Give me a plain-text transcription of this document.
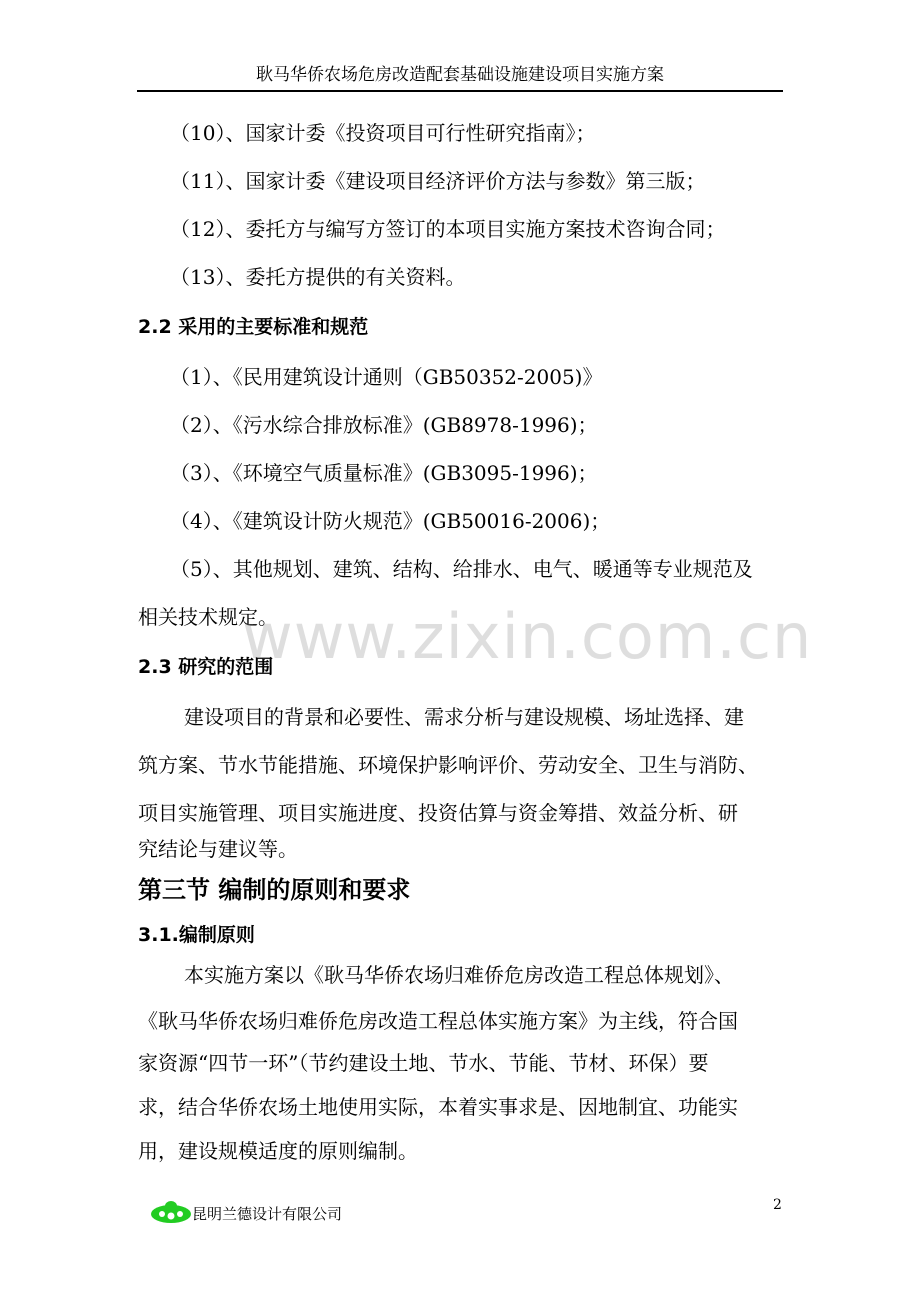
耿马华侨农场危房改造配套基础设施建设项目实施方案
（10）、国家计委《投资项目可行性研究指南》；
（11）、国家计委《建设项目经济评价方法与参数》第三版；
（12）、委托方与编写方签订的本项目实施方案技术咨询合同；
（13）、委托方提供的有关资料。
2.2 采用的主要标准和规范
（1）、《民用建筑设计通则（GB50352-2005)》
（2）、《污水综合排放标准》(GB8978-1996)；
（3）、《环境空气质量标准》(GB3095-1996)；
（4）、《建筑设计防火规范》(GB50016-2006)；
（5）、其他规划、建筑、结构、给排水、电气、暖通等专业规范及
相关技术规定。
2.3 研究的范围
建设项目的背景和必要性、需求分析与建设规模、场址选择、建
筑方案、节水节能措施、环境保护影响评价、劳动安全、卫生与消防、
项目实施管理、项目实施进度、投资估算与资金筹措、效益分析、研
究结论与建议等。
第三节 编制的原则和要求
3.1.编制原则
本实施方案以《耿马华侨农场归难侨危房改造工程总体规划》、
《耿马华侨农场归难侨危房改造工程总体实施方案》为主线，符合国
家资源“四节一环”（节约建设土地、节水、节能、节材、环保）要
求，结合华侨农场土地使用实际，本着实事求是、因地制宜、功能实
用，建设规模适度的原则编制。
www.zixin.com.cn
昆明兰德设计有限公司	2
